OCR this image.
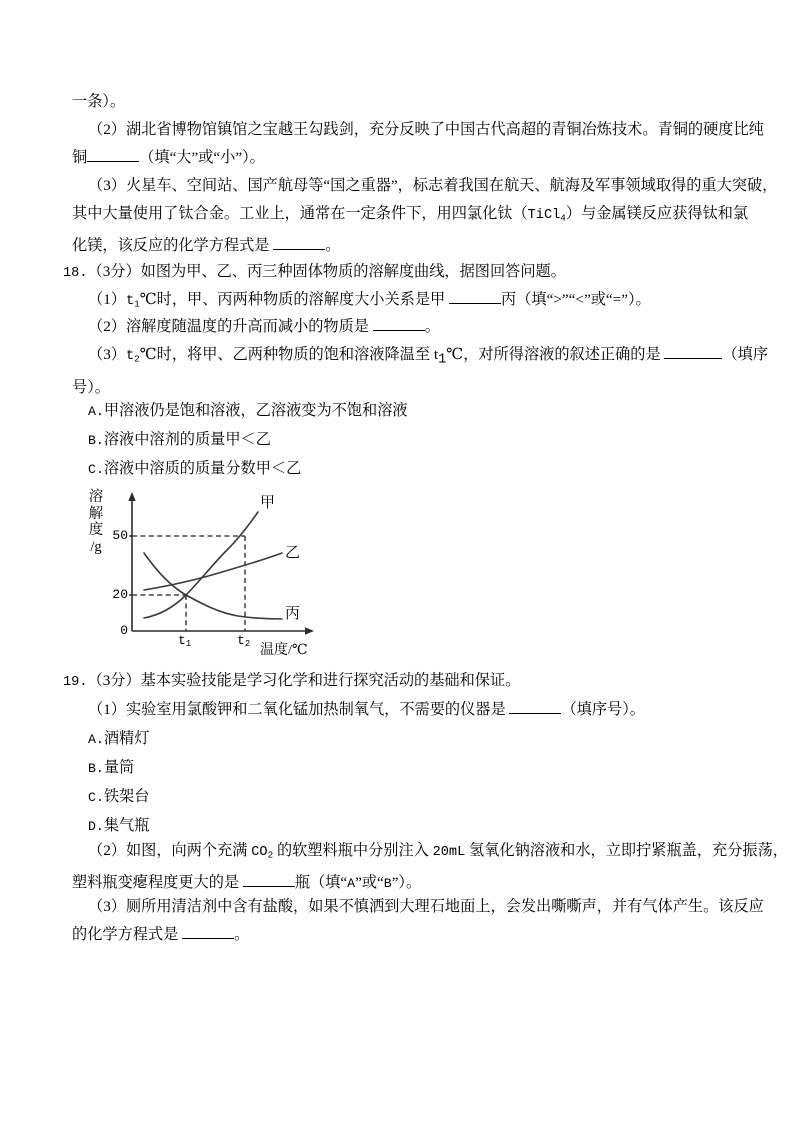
一条）。
（2）湖北省博物馆镇馆之宝越王勾践剑，充分反映了中国古代高超的青铜冶炼技术。青铜的硬度比纯
铜	（填“大”或“小”）。
（3）火星车、空间站、国产航母等“国之重器”，标志着我国在航天、航海及军事领域取得的重大突破，
其中大量使用了钛合金。工业上，通常在一定条件下，用四氯化钛（TiCl$_4$）与金属镁反应获得钛和氯
化镁，该反应的化学方程式是	。
18.（3分）如图为甲、乙、丙三种固体物质的溶解度曲线，据图回答问题。
$(1)t_1℃$时，甲、丙两种物质的溶解度大小关系是甲	丙（填“>”“<”或“=”）。
（2）溶解度随温度的升高而减小的物质是	。
$(3)t_2℃$时，将甲、乙两种物质的饱和溶液降温至 $t_1℃$，对所得溶液的叙述正确的是	（填序
号）。
A.甲溶液仍是饱和溶液，乙溶液变为不饱和溶液
B.溶液中溶剂的质量甲＜乙
C.溶液中溶质的质量分数甲＜乙
溶
解
度
/g
50
20
0
$t_1$	$t_2$ 温度/℃
甲
乙
丙
19.（3分）基本实验技能是学习化学和进行探究活动的基础和保证。
（1）实验室用氯酸钾和二氧化锰加热制氧气，不需要的仪器是	（填序号）。
A.酒精灯
B.量筒
C.铁架台
D.集气瓶
（2）如图，向两个充满 $CO_2$ 的软塑料瓶中分别注入 20mL 氢氧化钠溶液和水，立即拧紧瓶盖，充分振荡，
塑料瓶变瘪程度更大的是	瓶（填“A”或“B”）。
（3）厕所用清洁剂中含有盐酸，如果不慎洒到大理石地面上，会发出嘶嘶声，并有气体产生。该反应
的化学方程式是	。
